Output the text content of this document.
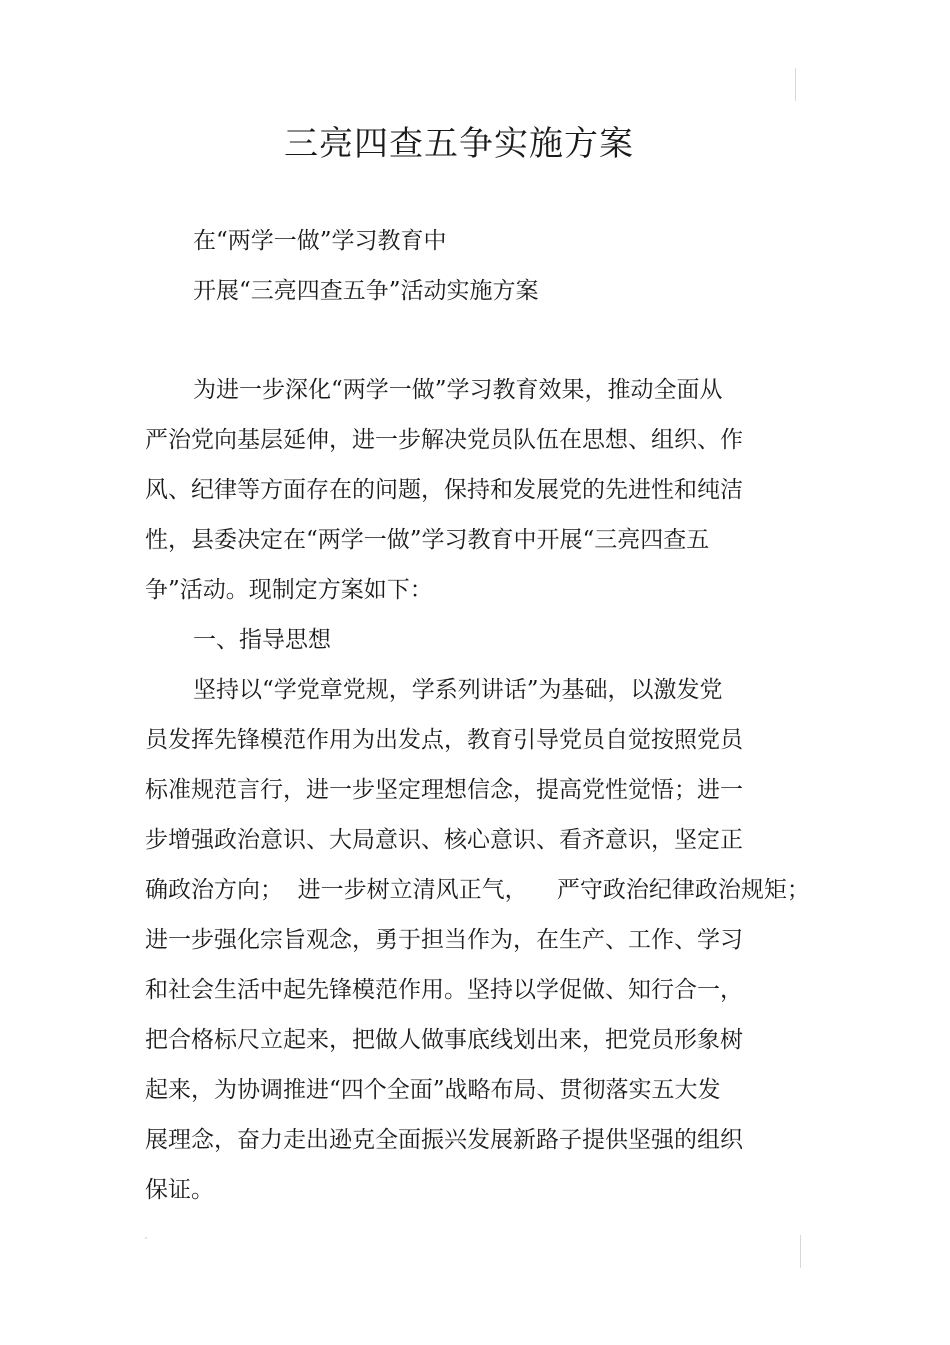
三亮四查五争实施方案
在“两学一做”学习教育中
开展“三亮四查五争”活动实施方案
为进一步深化“两学一做”学习教育效果，推动全面从
严治党向基层延伸，进一步解决党员队伍在思想、组织、作
风、纪律等方面存在的问题，保持和发展党的先进性和纯洁
性，县委决定在“两学一做”学习教育中开展“三亮四查五
争”活动。现制定方案如下：
一、指导思想
坚持以“学党章党规，学系列讲话”为基础，以激发党
员发挥先锋模范作用为出发点，教育引导党员自觉按照党员
标准规范言行，进一步坚定理想信念，提高党性觉悟；进一
步增强政治意识、大局意识、核心意识、看齐意识，坚定正
确政治方向；  进一步树立清风正气，    严守政治纪律政治规矩；
进一步强化宗旨观念，勇于担当作为，在生产、工作、学习
和社会生活中起先锋模范作用。坚持以学促做、知行合一，
把合格标尺立起来，把做人做事底线划出来，把党员形象树
起来，为协调推进“四个全面”战略布局、贯彻落实五大发
展理念，奋力走出逊克全面振兴发展新路子提供坚强的组织
保证。
